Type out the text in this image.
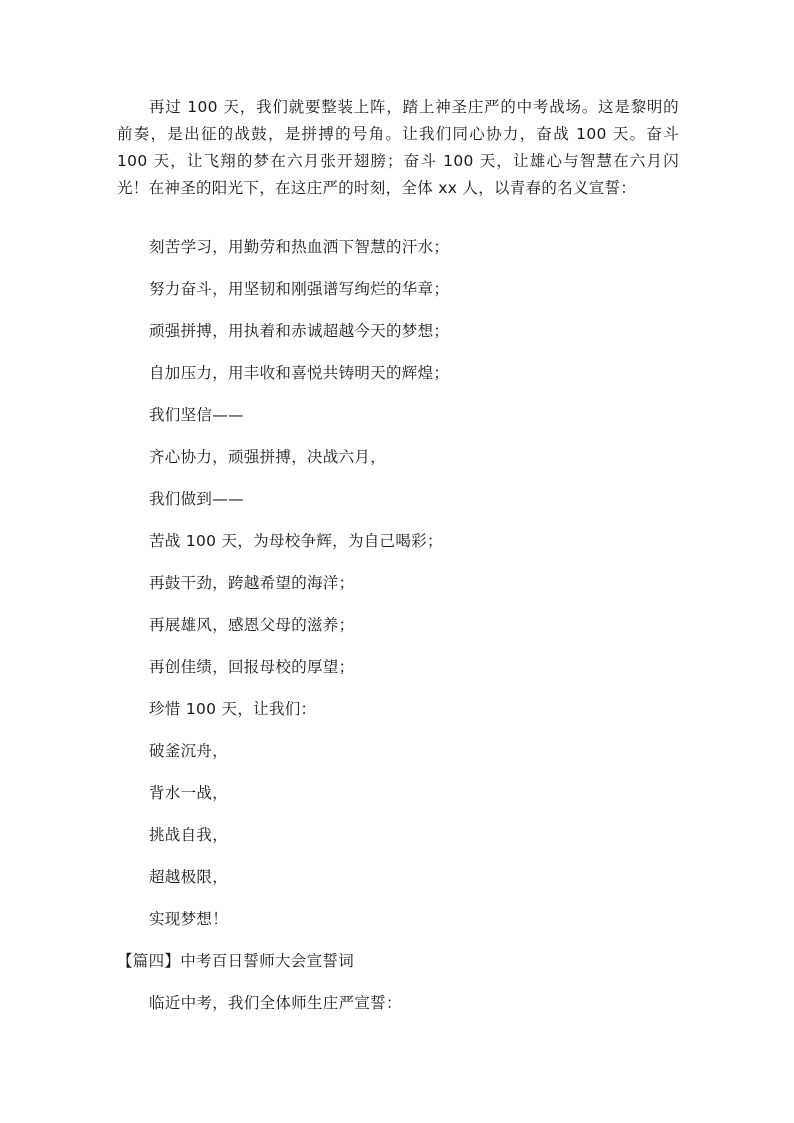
再过 100 天，我们就要整装上阵，踏上神圣庄严的中考战场。这是黎明的前奏，是出征的战鼓，是拼搏的号角。让我们同心协力，奋战 100 天。奋斗 100 天，让飞翔的梦在六月张开翅膀；奋斗 100 天，让雄心与智慧在六月闪光！在神圣的阳光下，在这庄严的时刻，全体 xx 人，以青春的名义宣誓：

刻苦学习，用勤劳和热血洒下智慧的汗水；
努力奋斗，用坚韧和刚强谱写绚烂的华章；
顽强拼搏，用执着和赤诚超越今天的梦想；
自加压力，用丰收和喜悦共铸明天的辉煌；
我们坚信——
齐心协力，顽强拼搏，决战六月，
我们做到——
苦战 100 天，为母校争辉，为自己喝彩；
再鼓干劲，跨越希望的海洋；
再展雄风，感恩父母的滋养；
再创佳绩，回报母校的厚望；
珍惜 100 天，让我们：
破釜沉舟，
背水一战，
挑战自我，
超越极限，
实现梦想！
【篇四】中考百日誓师大会宣誓词
临近中考，我们全体师生庄严宣誓：
